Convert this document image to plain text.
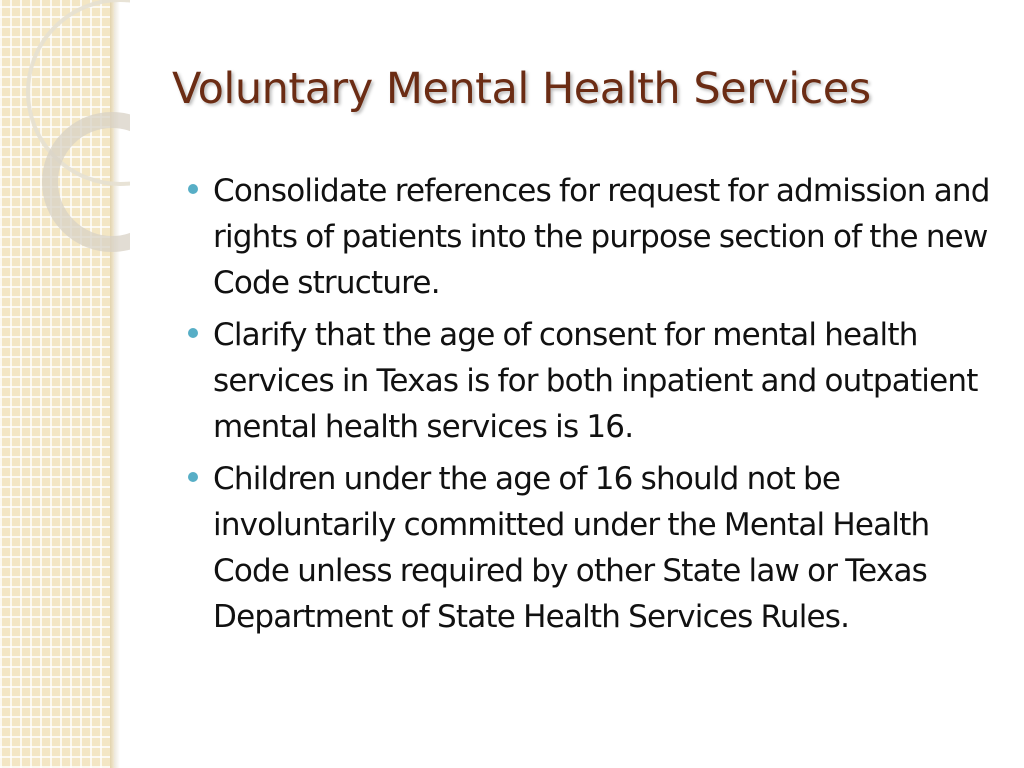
Voluntary Mental Health Services
Consolidate references for request for admission and rights of patients into the purpose section of the new Code structure.
Clarify that the age of consent for mental health services in Texas is for both inpatient and outpatient mental health services is 16.
Children under the age of 16 should not be involuntarily committed under the Mental Health Code unless required by other State law or Texas Department of State Health Services Rules.
